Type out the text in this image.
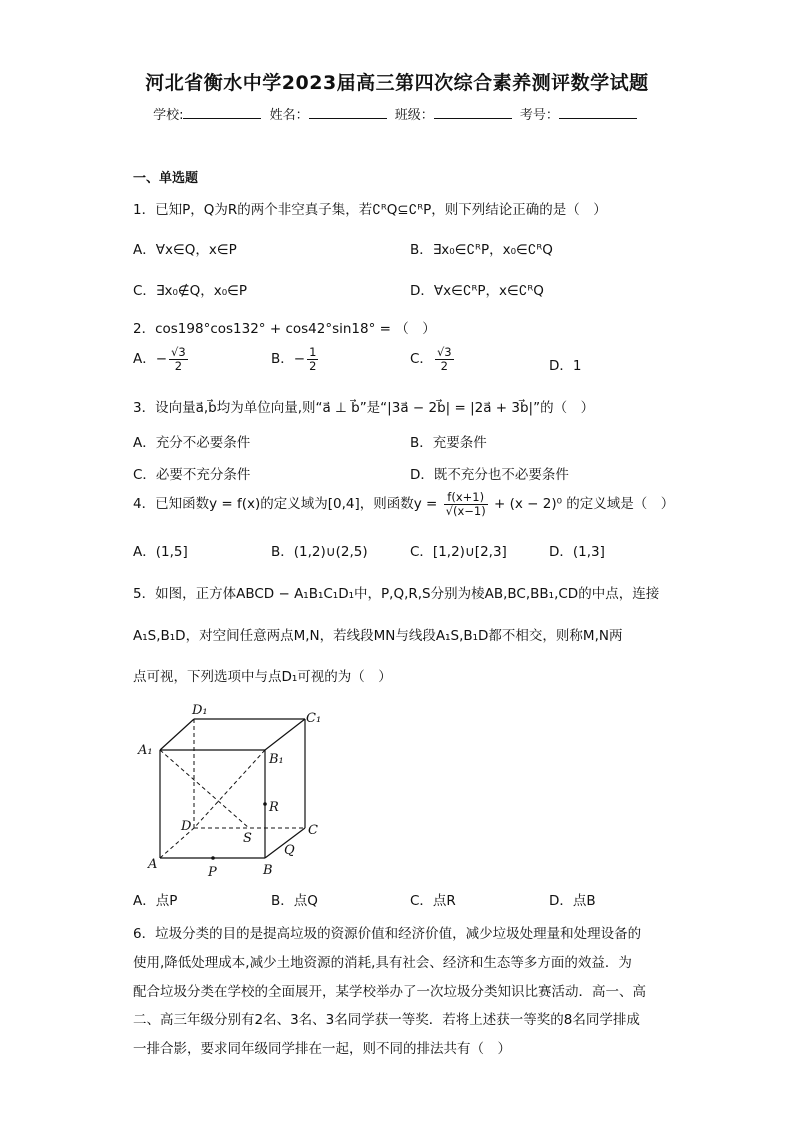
河北省衡水中学2023届高三第四次综合素养测评数学试题
学校:	姓名：	班级：	考号：
一、单选题
1．已知P，Q为R的两个非空真子集，若∁ᴿQ⊆∁ᴿP，则下列结论正确的是（　）
A．∀x∈Q，x∈P	B．∃x₀∈∁ᴿP，x₀∈∁ᴿQ
C．∃x₀∉Q，x₀∈P	D．∀x∈∁ᴿP，x∈∁ᴿQ
2．cos198°cos132° + cos42°sin18° = （　）
A．− $\frac{√3}{2}$	B．− $\frac{1}{2}$	C． $\frac{√3}{2}$	D．1
3．设向量a⃗,b⃗均为单位向量,则“a⃗ ⊥ b⃗”是“|3a⃗ − 2b⃗| = |2a⃗ + 3b⃗|”的（　）
A．充分不必要条件	B．充要条件
C．必要不充分条件	D．既不充分也不必要条件
4．已知函数y = f(x)的定义域为[0,4]，则函数$y = \frac{f(x+1)}{√(x-1)} + (x - 2)^0$ 的定义域是（　）
A．(1,5]	B．(1,2)∪(2,5)	C．[1,2)∪[2,3]	D．(1,3]
5．如图，正方体ABCD − A₁B₁C₁D₁中，P,Q,R,S分别为棱AB,BC,BB₁,CD的中点，连接
A₁S,B₁D，对空间任意两点M,N，若线段MN与线段A₁S,B₁D都不相交，则称M,N两
点可视，下列选项中与点D₁可视的为（　）
D₁
C₁
A₁
B₁
R
D
S
C
Q
A
P	B
A．点P	B．点Q	C．点R	D．点B
6．垃圾分类的目的是提高垃圾的资源价值和经济价值，减少垃圾处理量和处理设备的
使用,降低处理成本,减少土地资源的消耗,具有社会、经济和生态等多方面的效益．为
配合垃圾分类在学校的全面展开，某学校举办了一次垃圾分类知识比赛活动．高一、高
二、高三年级分别有2名、3名、3名同学获一等奖．若将上述获一等奖的8名同学排成
一排合影，要求同年级同学排在一起，则不同的排法共有（　）
